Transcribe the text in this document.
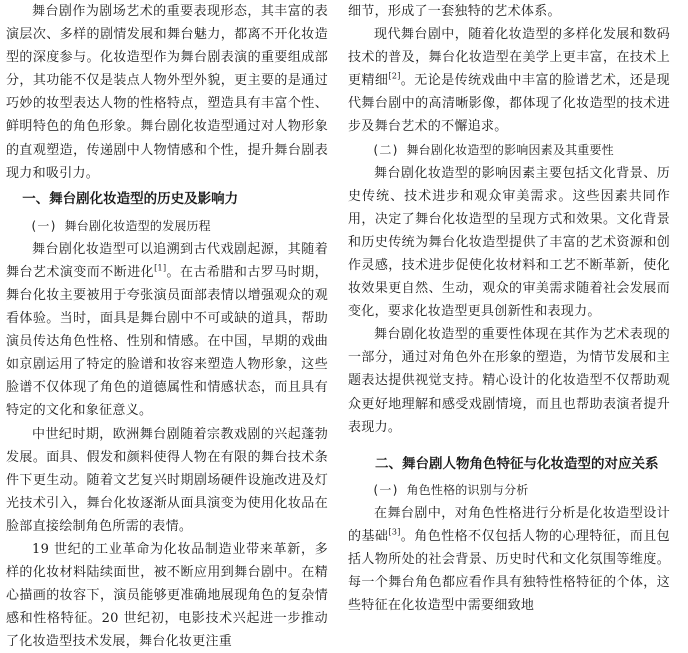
舞台剧作为剧场艺术的重要表现形态，其丰富的表演层次、多样的剧情发展和舞台魅力，都离不开化妆造型的深度参与。化妆造型作为舞台剧表演的重要组成部分，其功能不仅是装点人物外型外貌，更主要的是通过巧妙的妆型表达人物的性格特点，塑造具有丰富个性、鲜明特色的角色形象。舞台剧化妆造型通过对人物形象的直观塑造，传递剧中人物情感和个性，提升舞台剧表现力和吸引力。

一、舞台剧化妆造型的历史及影响力
(一) 舞台剧化妆造型的发展历程

舞台剧化妆造型可以追溯到古代戏剧起源，其随着舞台艺术演变而不断进化[1]。在古希腊和古罗马时期，舞台化妆主要被用于夸张演员面部表情以增强观众的观看体验。当时，面具是舞台剧中不可或缺的道具，帮助演员传达角色性格、性别和情感。在中国，早期的戏曲如京剧运用了特定的脸谱和妆容来塑造人物形象，这些脸谱不仅体现了角色的道德属性和情感状态，而且具有特定的文化和象征意义。

中世纪时期，欧洲舞台剧随着宗教戏剧的兴起蓬勃发展。面具、假发和颜料使得人物在有限的舞台技术条件下更生动。随着文艺复兴时期剧场硬件设施改进及灯光技术引入，舞台化妆逐渐从面具演变为使用化妆品在脸部直接绘制角色所需的表情。

19 世纪的工业革命为化妆品制造业带来革新，多样的化妆材料陆续面世，被不断应用到舞台剧中。在精心描画的妆容下，演员能够更准确地展现角色的复杂情感和性格特征。20 世纪初，电影技术兴起进一步推动了化妆造型技术发展，舞台化妆更注重

细节，形成了一套独特的艺术体系。

现代舞台剧中，随着化妆造型的多样化发展和数码技术的普及，舞台化妆造型在美学上更丰富，在技术上更精细[2]。无论是传统戏曲中丰富的脸谱艺术，还是现代舞台剧中的高清晰影像，都体现了化妆造型的技术进步及舞台艺术的不懈追求。

(二) 舞台剧化妆造型的影响因素及其重要性

舞台剧化妆造型的影响因素主要包括文化背景、历史传统、技术进步和观众审美需求。这些因素共同作用，决定了舞台化妆造型的呈现方式和效果。文化背景和历史传统为舞台化妆造型提供了丰富的艺术资源和创作灵感，技术进步促使化妆材料和工艺不断革新，使化妆效果更自然、生动，观众的审美需求随着社会发展而变化，要求化妆造型更具创新性和表现力。

舞台剧化妆造型的重要性体现在其作为艺术表现的一部分，通过对角色外在形象的塑造，为情节发展和主题表达提供视觉支持。精心设计的化妆造型不仅帮助观众更好地理解和感受戏剧情境，而且也帮助表演者提升表现力。

二、舞台剧人物角色特征与化妆造型的对应关系
(一) 角色性格的识别与分析

在舞台剧中，对角色性格进行分析是化妆造型设计的基础[3]。角色性格不仅包括人物的心理特征，而且包括人物所处的社会背景、历史时代和文化氛围等维度。每一个舞台角色都应看作具有独特性格特征的个体，这些特征在化妆造型中需要细致地
